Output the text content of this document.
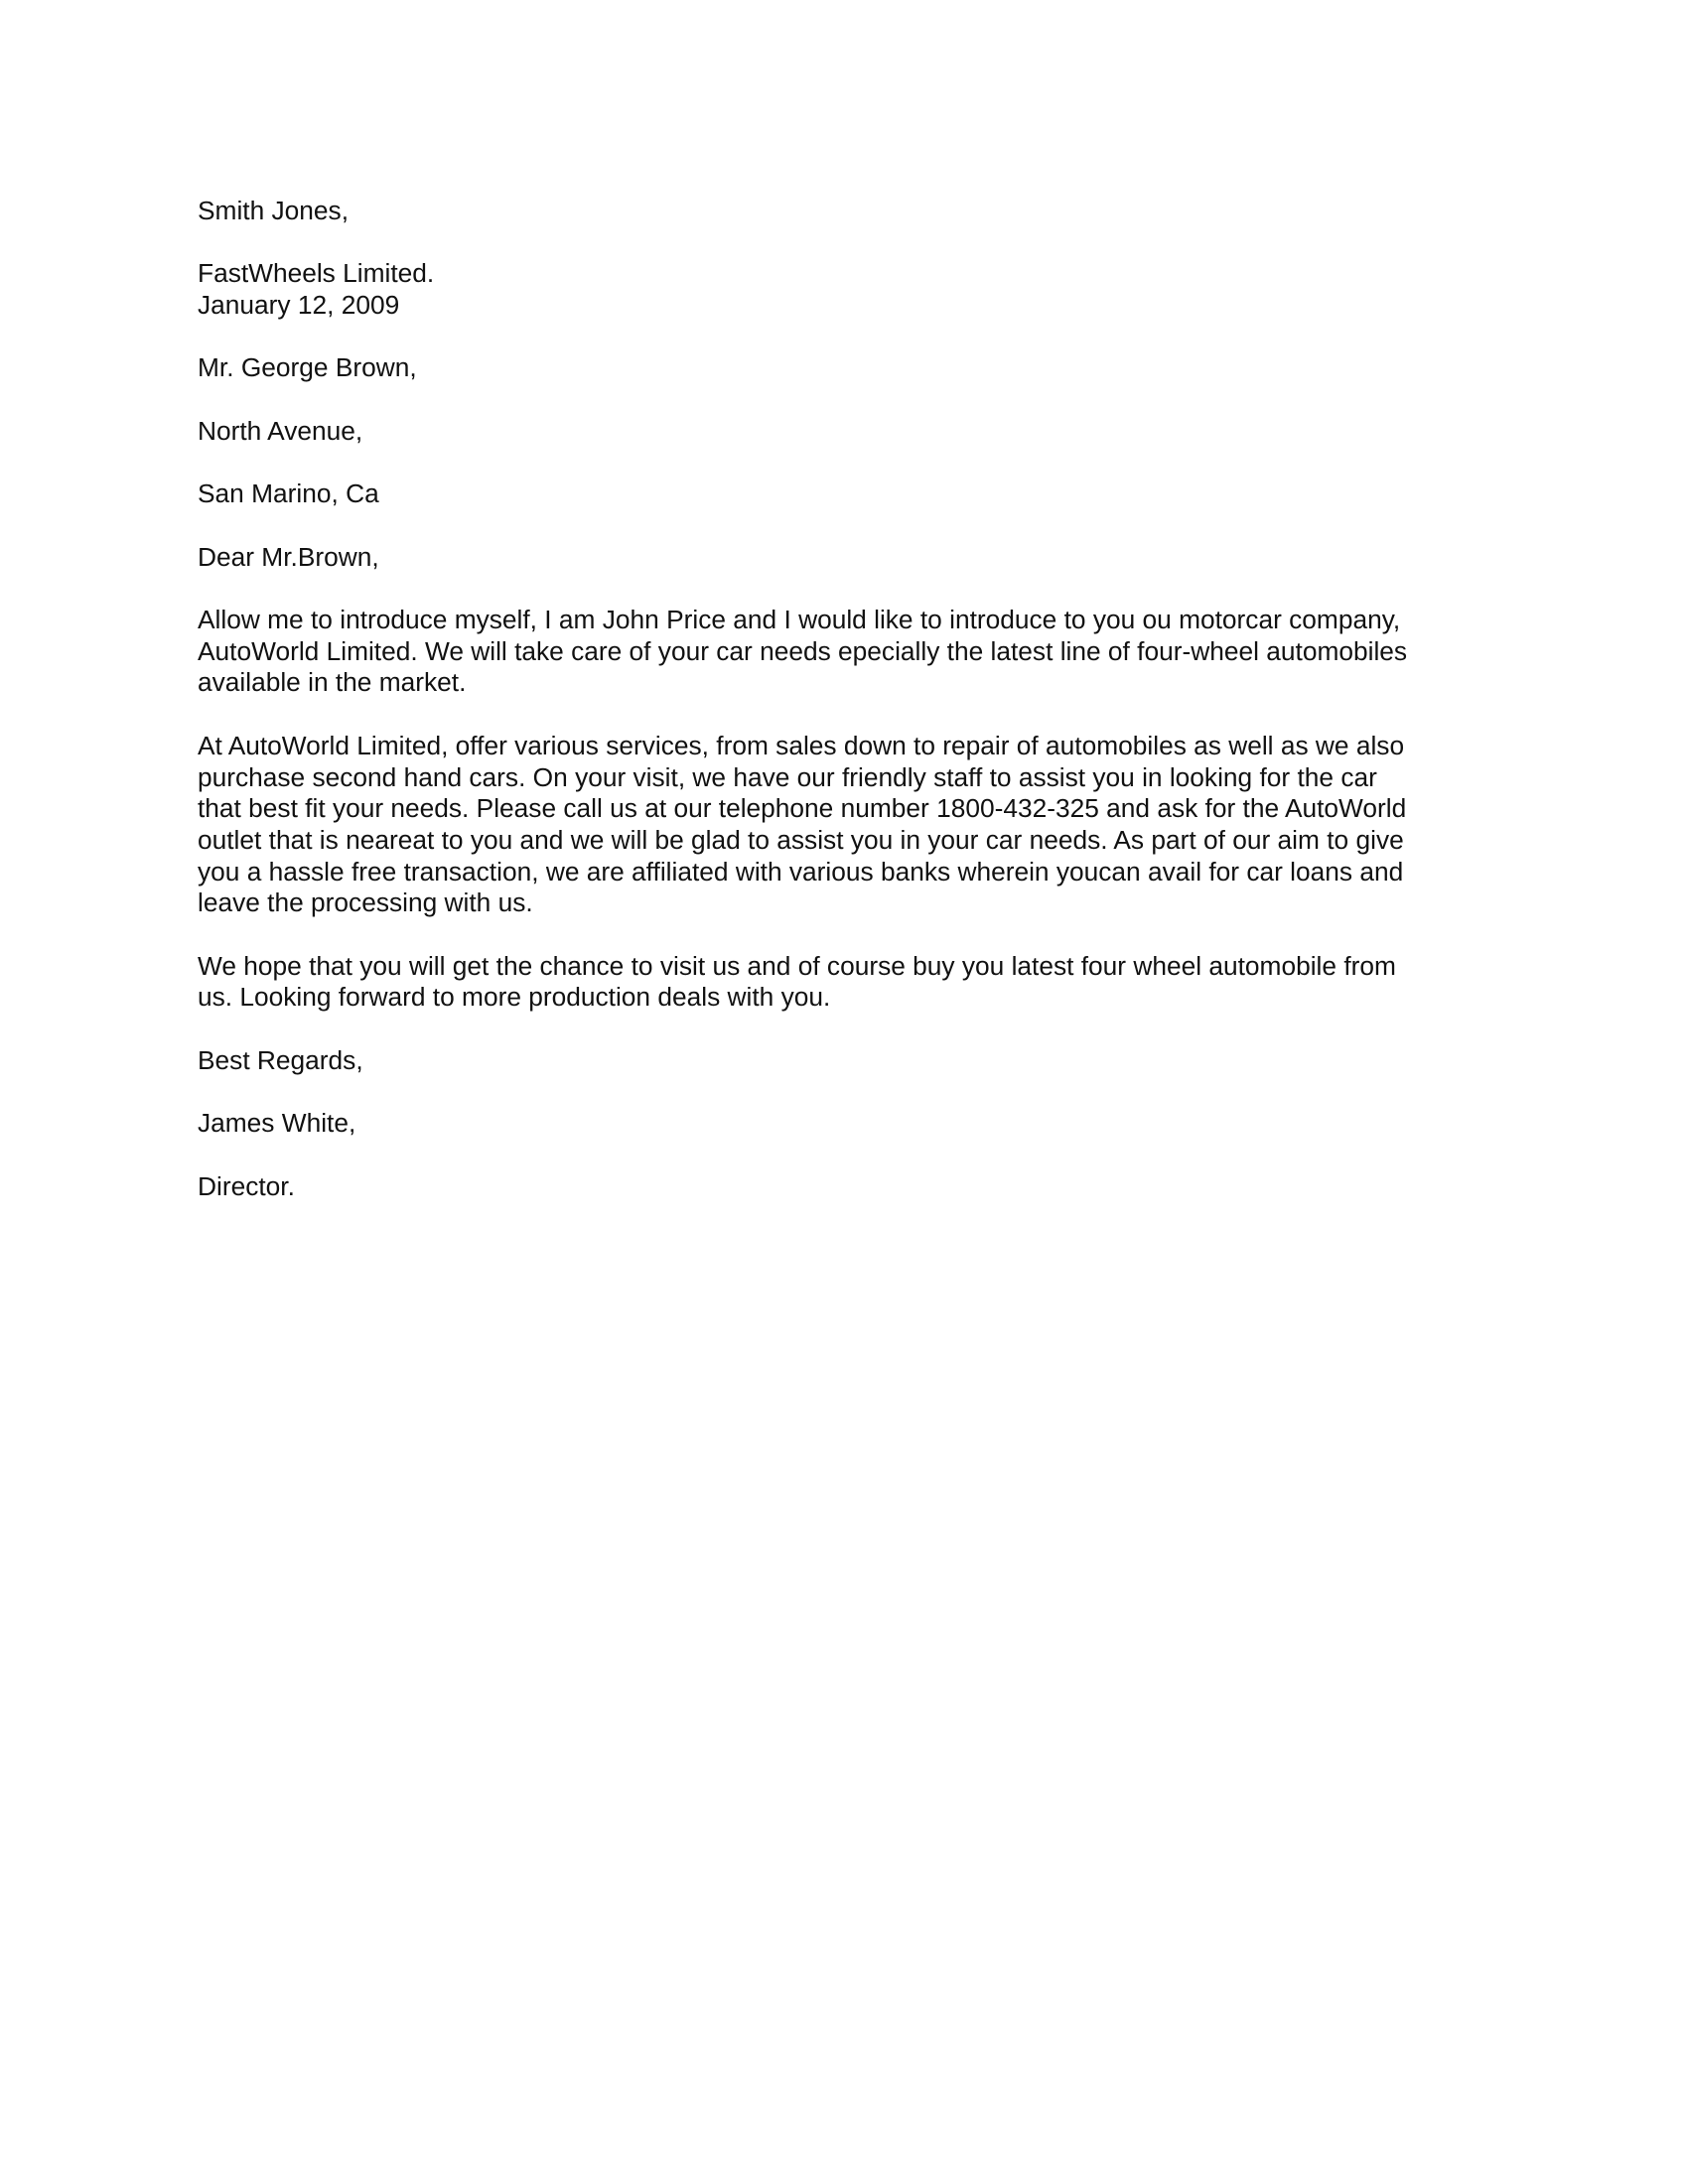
Smith Jones,
FastWheels Limited.
January 12, 2009
Mr. George Brown,
North Avenue,
San Marino, Ca
Dear Mr.Brown,
Allow me to introduce myself, I am John Price and I would like to introduce to you ou motorcar company,
AutoWorld Limited. We will take care of your car needs epecially the latest line of four-wheel automobiles
available in the market.
At AutoWorld Limited, offer various services, from sales down to repair of automobiles as well as we also
purchase second hand cars. On your visit, we have our friendly staff to assist you in looking for the car
that best fit your needs. Please call us at our telephone number 1800-432-325 and ask for the AutoWorld
outlet that is neareat to you and we will be glad to assist you in your car needs. As part of our aim to give
you a hassle free transaction, we are affiliated with various banks wherein youcan avail for car loans and
leave the processing with us.
We hope that you will get the chance to visit us and of course buy you latest four wheel automobile from
us. Looking forward to more production deals with you.
Best Regards,
James White,
Director.
